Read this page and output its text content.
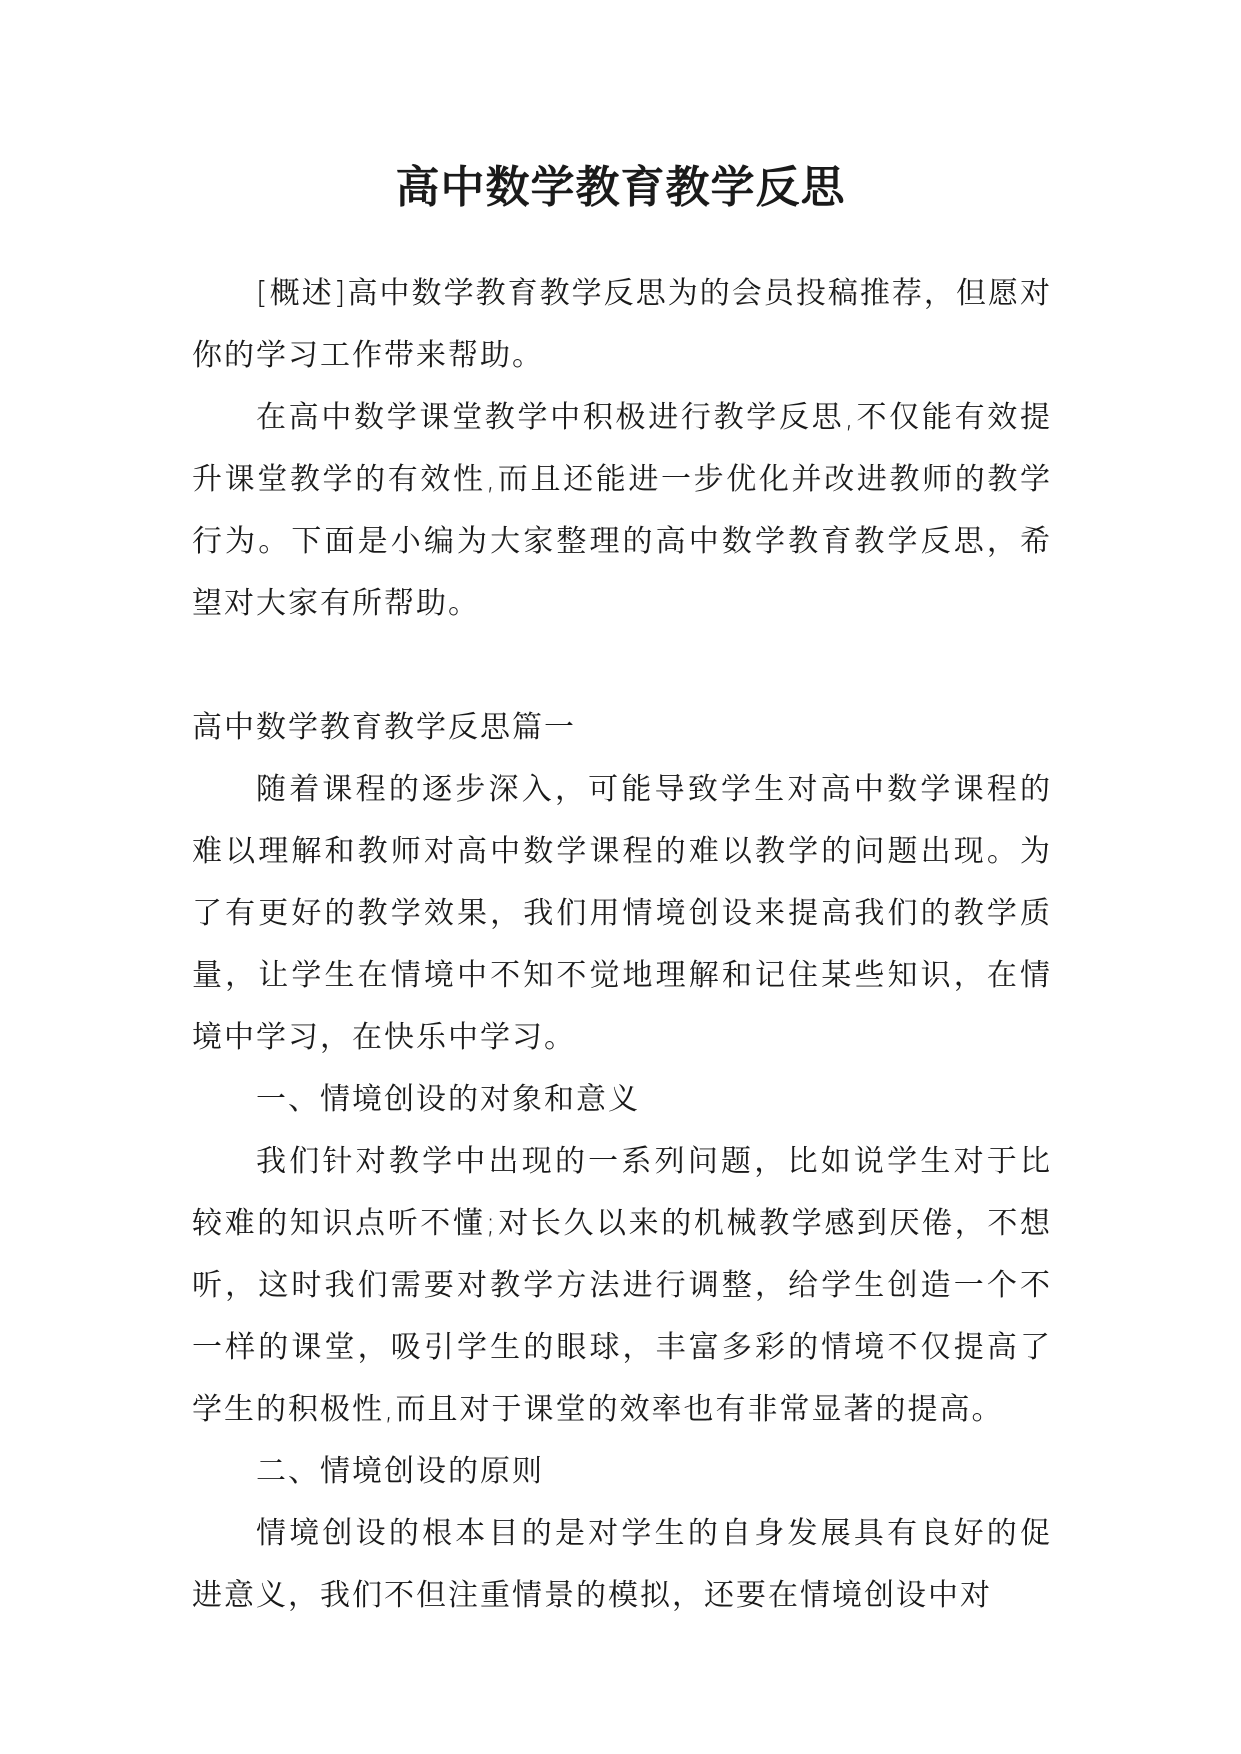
高中数学教育教学反思

[概述]高中数学教育教学反思为的会员投稿推荐，但愿对你的学习工作带来帮助。

在高中数学课堂教学中积极进行教学反思,不仅能有效提升课堂教学的有效性,而且还能进一步优化并改进教师的教学行为。下面是小编为大家整理的高中数学教育教学反思，希望对大家有所帮助。

高中数学教育教学反思篇一

随着课程的逐步深入，可能导致学生对高中数学课程的难以理解和教师对高中数学课程的难以教学的问题出现。为了有更好的教学效果，我们用情境创设来提高我们的教学质量，让学生在情境中不知不觉地理解和记住某些知识，在情境中学习，在快乐中学习。

一、情境创设的对象和意义

我们针对教学中出现的一系列问题，比如说学生对于比较难的知识点听不懂;对长久以来的机械教学感到厌倦，不想听，这时我们需要对教学方法进行调整，给学生创造一个不一样的课堂，吸引学生的眼球，丰富多彩的情境不仅提高了学生的积极性,而且对于课堂的效率也有非常显著的提高。

二、情境创设的原则

情境创设的根本目的是对学生的自身发展具有良好的促进意义，我们不但注重情景的模拟，还要在情境创设中对
